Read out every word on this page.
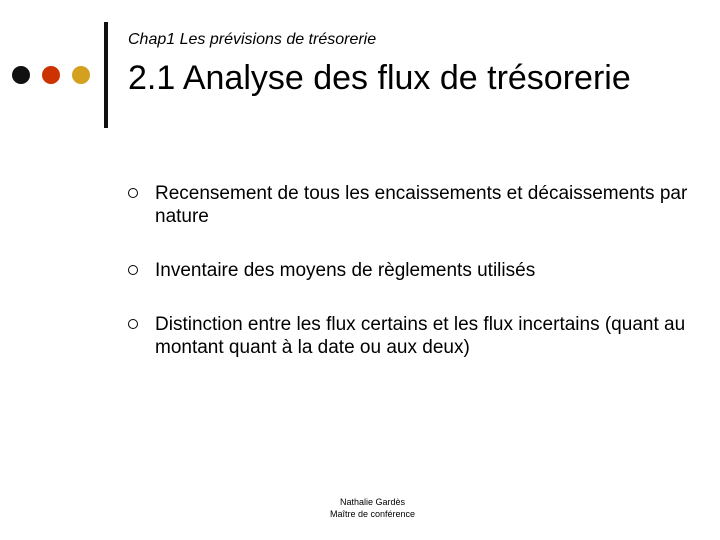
Chap1 Les prévisions de trésorerie
2.1 Analyse des flux de trésorerie
Recensement de tous les encaissements et décaissements par nature
Inventaire des moyens de règlements utilisés
Distinction entre les flux certains et les flux incertains (quant au montant quant à la date ou aux deux)
Nathalie Gardès
Maître de conférence
